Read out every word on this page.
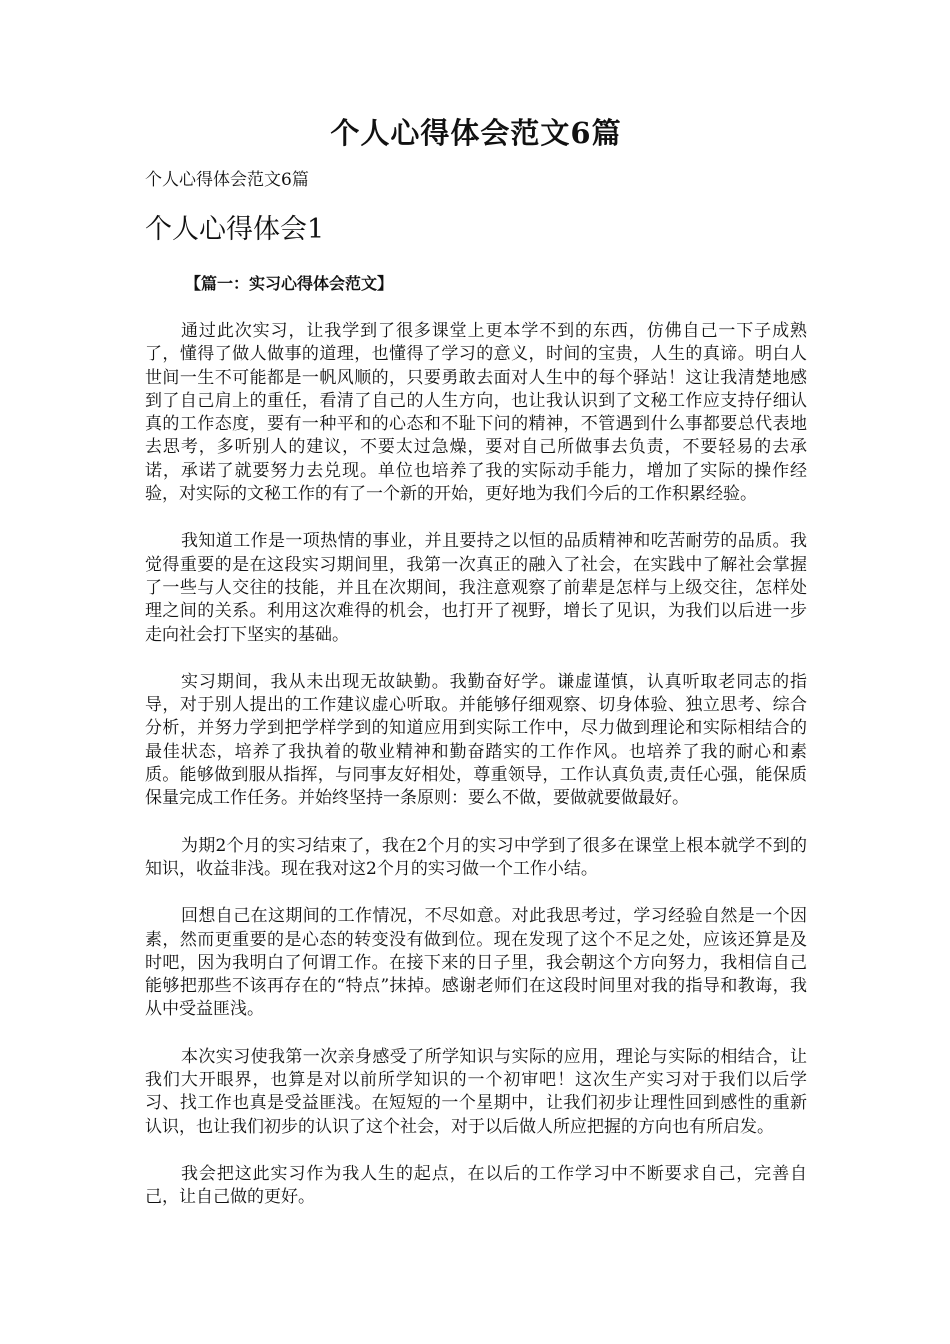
个人心得体会范文6篇

个人心得体会范文6篇

个人心得体会1

【篇一：实习心得体会范文】

通过此次实习，让我学到了很多课堂上更本学不到的东西，仿佛自己一下子成熟了，懂得了做人做事的道理，也懂得了学习的意义，时间的宝贵，人生的真谛。明白人世间一生不可能都是一帆风顺的，只要勇敢去面对人生中的每个驿站！这让我清楚地感到了自己肩上的重任，看清了自己的人生方向，也让我认识到了文秘工作应支持仔细认真的工作态度，要有一种平和的心态和不耻下问的精神，不管遇到什么事都要总代表地去思考，多听别人的建议，不要太过急燥，要对自己所做事去负责，不要轻易的去承诺，承诺了就要努力去兑现。单位也培养了我的实际动手能力，增加了实际的操作经验，对实际的文秘工作的有了一个新的开始，更好地为我们今后的工作积累经验。

我知道工作是一项热情的事业，并且要持之以恒的品质精神和吃苦耐劳的品质。我觉得重要的是在这段实习期间里，我第一次真正的融入了社会，在实践中了解社会掌握了一些与人交往的技能，并且在次期间，我注意观察了前辈是怎样与上级交往，怎样处理之间的关系。利用这次难得的机会，也打开了视野，增长了见识，为我们以后进一步走向社会打下坚实的基础。

实习期间，我从未出现无故缺勤。我勤奋好学。谦虚谨慎，认真听取老同志的指导，对于别人提出的工作建议虚心听取。并能够仔细观察、切身体验、独立思考、综合分析，并努力学到把学样学到的知道应用到实际工作中，尽力做到理论和实际相结合的最佳状态，培养了我执着的敬业精神和勤奋踏实的工作作风。也培养了我的耐心和素质。能够做到服从指挥，与同事友好相处，尊重领导，工作认真负责,责任心强，能保质保量完成工作任务。并始终坚持一条原则：要么不做，要做就要做最好。

为期2个月的实习结束了，我在2个月的实习中学到了很多在课堂上根本就学不到的知识，收益非浅。现在我对这2个月的实习做一个工作小结。

回想自己在这期间的工作情况，不尽如意。对此我思考过，学习经验自然是一个因素，然而更重要的是心态的转变没有做到位。现在发现了这个不足之处，应该还算是及时吧，因为我明白了何谓工作。在接下来的日子里，我会朝这个方向努力，我相信自己能够把那些不该再存在的“特点”抹掉。感谢老师们在这段时间里对我的指导和教诲，我从中受益匪浅。

本次实习使我第一次亲身感受了所学知识与实际的应用，理论与实际的相结合，让我们大开眼界，也算是对以前所学知识的一个初审吧！这次生产实习对于我们以后学习、找工作也真是受益匪浅。在短短的一个星期中，让我们初步让理性回到感性的重新认识，也让我们初步的认识了这个社会，对于以后做人所应把握的方向也有所启发。

我会把这此实习作为我人生的起点，在以后的工作学习中不断要求自己，完善自己，让自己做的更好。
